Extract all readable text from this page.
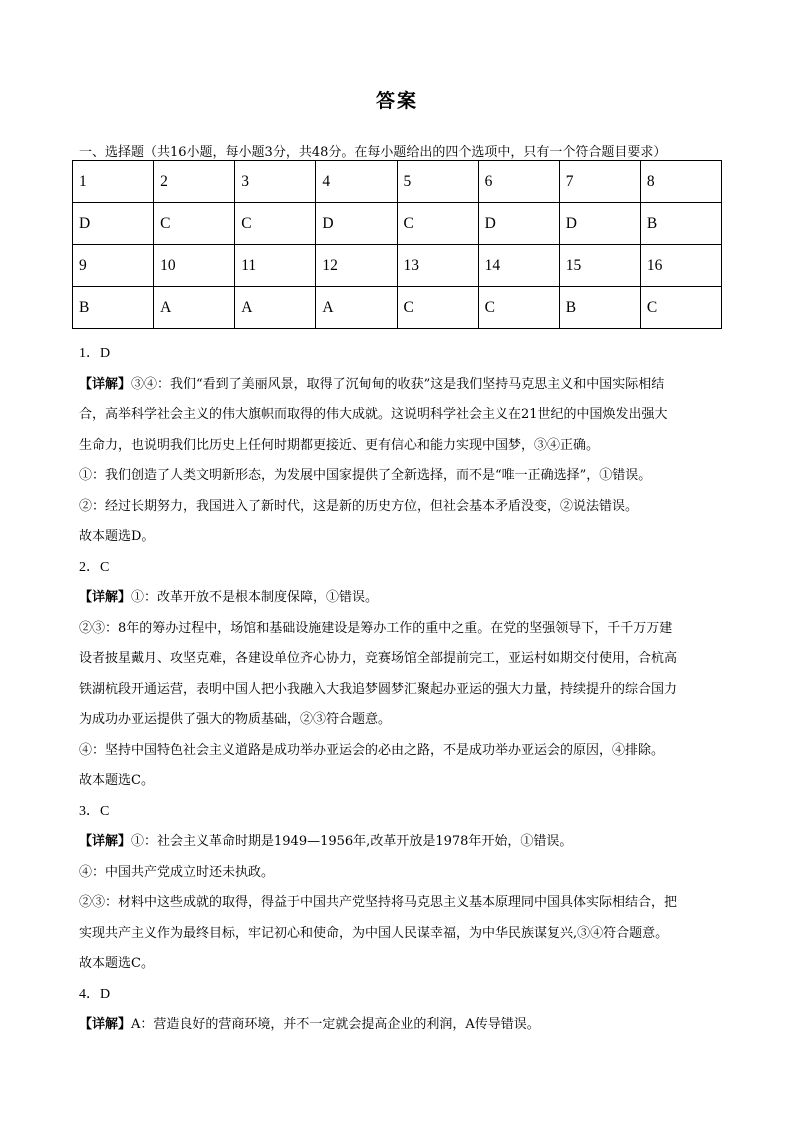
答案
一、选择题（共16小题，每小题3分，共48分。在每小题给出的四个选项中，只有一个符合题目要求）
1	2	3	4	5	6	7	8
D	C	C	D	C	D	D	B
9	10	11	12	13	14	15	16
B	A	A	A	C	C	B	C
1．D
【详解】③④：我们“看到了美丽风景，取得了沉甸甸的收获”这是我们坚持马克思主义和中国实际相结
合，高举科学社会主义的伟大旗帜而取得的伟大成就。这说明科学社会主义在21世纪的中国焕发出强大
生命力，也说明我们比历史上任何时期都更接近、更有信心和能力实现中国梦，③④正确。
①：我们创造了人类文明新形态，为发展中国家提供了全新选择，而不是“唯一正确选择”，①错误。
②：经过长期努力，我国进入了新时代，这是新的历史方位，但社会基本矛盾没变，②说法错误。
故本题选D。
2．C
【详解】①：改革开放不是根本制度保障，①错误。
②③：8年的筹办过程中，场馆和基础设施建设是筹办工作的重中之重。在党的坚强领导下，千千万万建
设者披星戴月、攻坚克难，各建设单位齐心协力，竞赛场馆全部提前完工，亚运村如期交付使用，合杭高
铁湖杭段开通运营，表明中国人把小我融入大我追梦圆梦汇聚起办亚运的强大力量，持续提升的综合国力
为成功办亚运提供了强大的物质基础，②③符合题意。
④：坚持中国特色社会主义道路是成功举办亚运会的必由之路，不是成功举办亚运会的原因，④排除。
故本题选C。
3．C
【详解】①：社会主义革命时期是1949—1956年,改革开放是1978年开始，①错误。
④：中国共产党成立时还未执政。
②③：材料中这些成就的取得，得益于中国共产党坚持将马克思主义基本原理同中国具体实际相结合，把
实现共产主义作为最终目标，牢记初心和使命，为中国人民谋幸福，为中华民族谋复兴,③④符合题意。
故本题选C。
4．D
【详解】A：营造良好的营商环境，并不一定就会提高企业的利润，A传导错误。
